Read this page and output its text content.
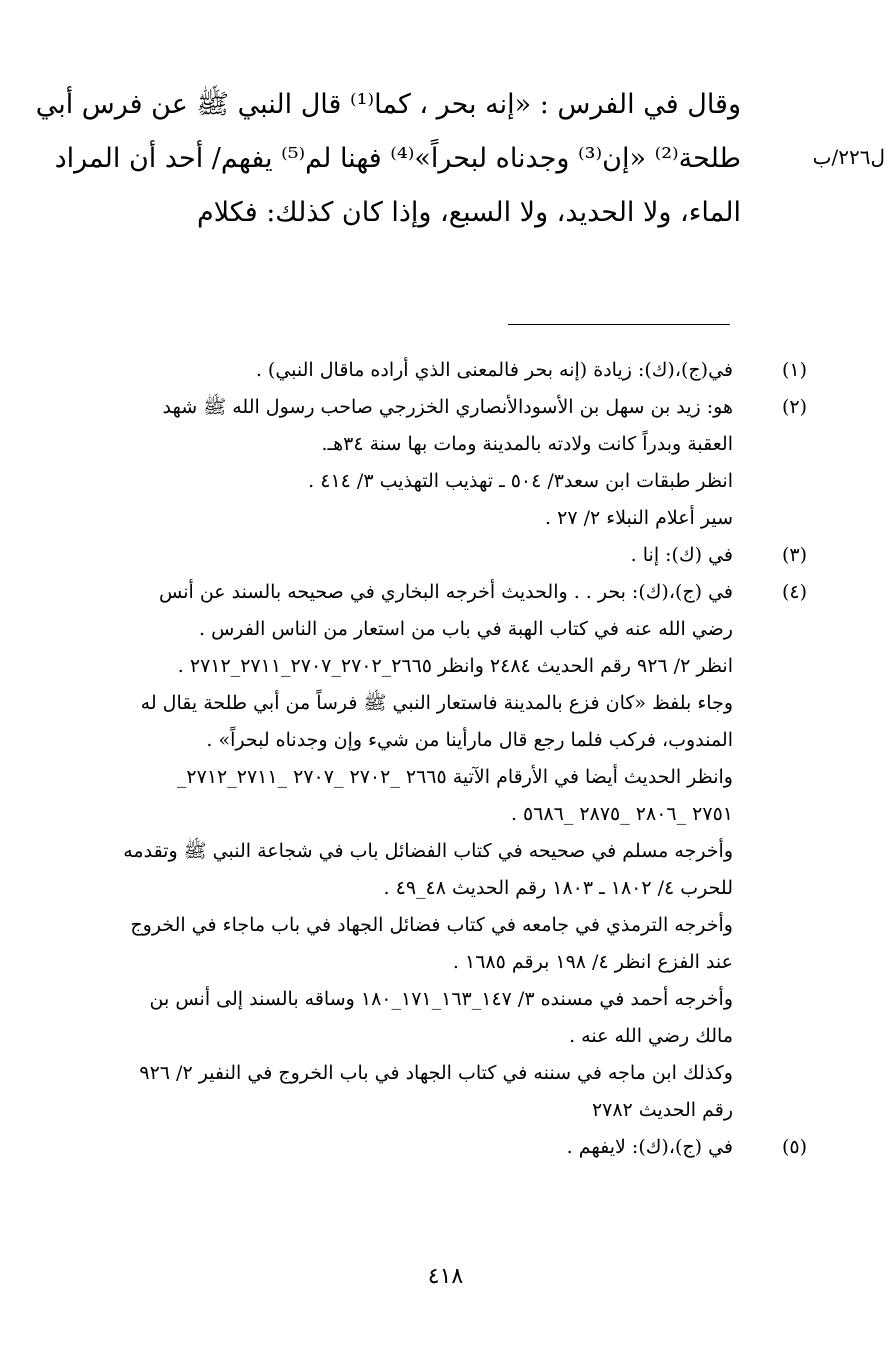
وقال في الفرس : «إنه بحر ، كما⁽¹⁾ قال النبي ﷺ عن فرس أبي
طلحة⁽²⁾ «إن⁽³⁾ وجدناه لبحراً»⁽⁴⁾ فهنا لم⁽⁵⁾ يفهم/ أحد أن المراد
الماء، ولا الحديد، ولا السبع، وإذا كان كذلك: فكلام
ل٢٢٦/ب
(١)
في(ج)،(ك): زيادة (إنه بحر فالمعنى الذي أراده ماقال النبي) .
(٢)
هو: زيد بن سهل بن الأسودالأنصاري الخزرجي صاحب رسول الله ﷺ شهد
العقبة وبدراً كانت ولادته بالمدينة ومات بها سنة ٣٤هـ.
انظر طبقات ابن سعد٣/ ٥٠٤ ـ تهذيب التهذيب ٣/ ٤١٤ .
سير أعلام النبلاء ٢/ ٢٧ .
(٣)
في (ك): إنا .
(٤)
في (ج)،(ك): بحر . . والحديث أخرجه البخاري في صحيحه بالسند عن أنس
رضي الله عنه في كتاب الهبة في باب من استعار من الناس الفرس .
انظر ٢/ ٩٢٦ رقم الحديث ٢٤٨٤ وانظر ٢٦٦٥_٢٧٠٢_٢٧٠٧_٢٧١١_٢٧١٢ .
وجاء بلفظ «كان فزع بالمدينة فاستعار النبي ﷺ فرساً من أبي طلحة يقال له
المندوب، فركب فلما رجع قال مارأينا من شيء وإن وجدناه لبحراً» .
وانظر الحديث أيضا في الأرقام الآتية ٢٦٦٥ _٢٧٠٢ _٢٧٠٧ _٢٧١١_٢٧١٢_
٢٧٥١ _٢٨٠٦ _٢٨٧٥ _٥٦٨٦ .
وأخرجه مسلم في صحيحه في كتاب الفضائل باب في شجاعة النبي ﷺ وتقدمه
للحرب ٤/ ١٨٠٢ ـ ١٨٠٣ رقم الحديث ٤٨_٤٩ .
وأخرجه الترمذي في جامعه في كتاب فضائل الجهاد في باب ماجاء في الخروج
عند الفزع انظر ٤/ ١٩٨ برقم ١٦٨٥ .
وأخرجه أحمد في مسنده ٣/ ١٤٧_١٦٣_١٧١_١٨٠ وساقه بالسند إلى أنس بن
مالك رضي الله عنه .
وكذلك ابن ماجه في سننه في كتاب الجهاد في باب الخروج في النفير ٢/ ٩٢٦
رقم الحديث ٢٧٨٢
(٥)
في (ج)،(ك): لايفهم .
٤١٨
